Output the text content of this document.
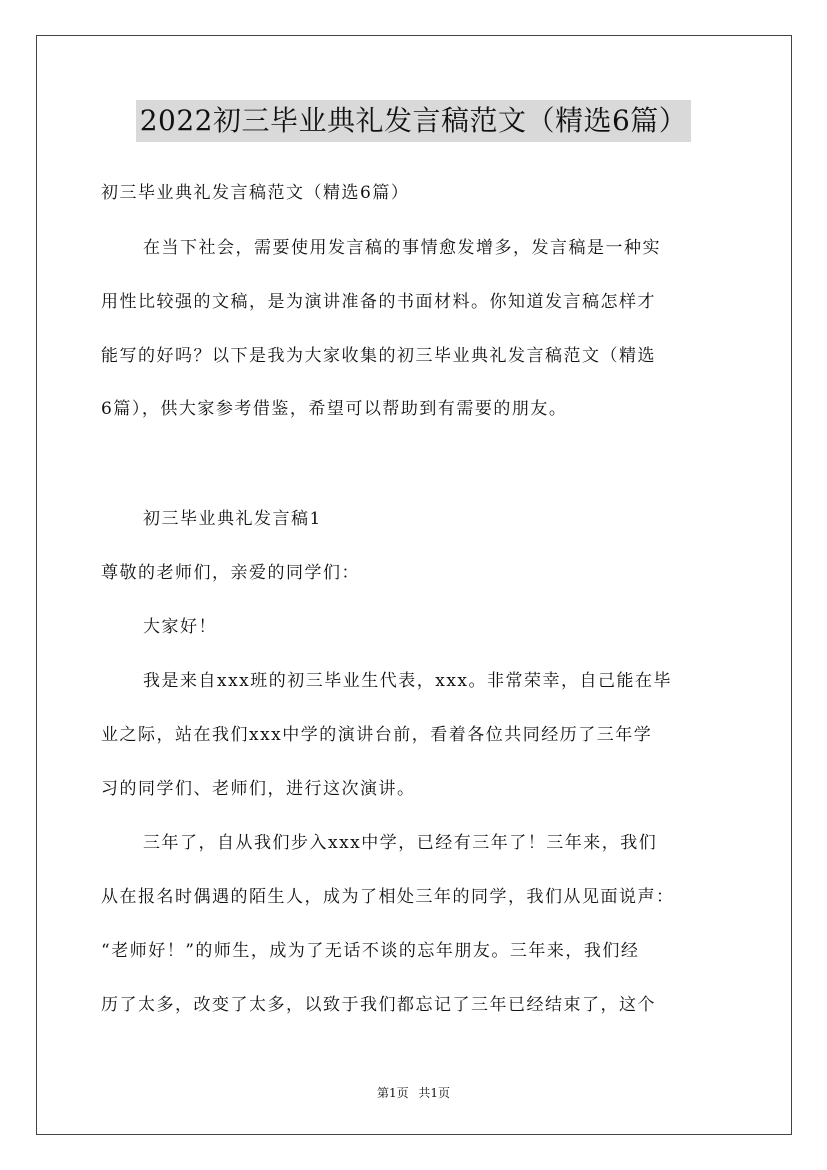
2022初三毕业典礼发言稿范文（精选6篇）
初三毕业典礼发言稿范文（精选6篇）
在当下社会，需要使用发言稿的事情愈发增多，发言稿是一种实
用性比较强的文稿，是为演讲准备的书面材料。你知道发言稿怎样才
能写的好吗？以下是我为大家收集的初三毕业典礼发言稿范文（精选
6篇），供大家参考借鉴，希望可以帮助到有需要的朋友。
初三毕业典礼发言稿1
尊敬的老师们，亲爱的同学们：
大家好！
我是来自xxx班的初三毕业生代表，xxx。非常荣幸，自己能在毕
业之际，站在我们xxx中学的演讲台前，看着各位共同经历了三年学
习的同学们、老师们，进行这次演讲。
三年了，自从我们步入xxx中学，已经有三年了！三年来，我们
从在报名时偶遇的陌生人，成为了相处三年的同学，我们从见面说声：
“老师好！”的师生，成为了无话不谈的忘年朋友。三年来，我们经
历了太多，改变了太多，以致于我们都忘记了三年已经结束了，这个
第1页 共1页
